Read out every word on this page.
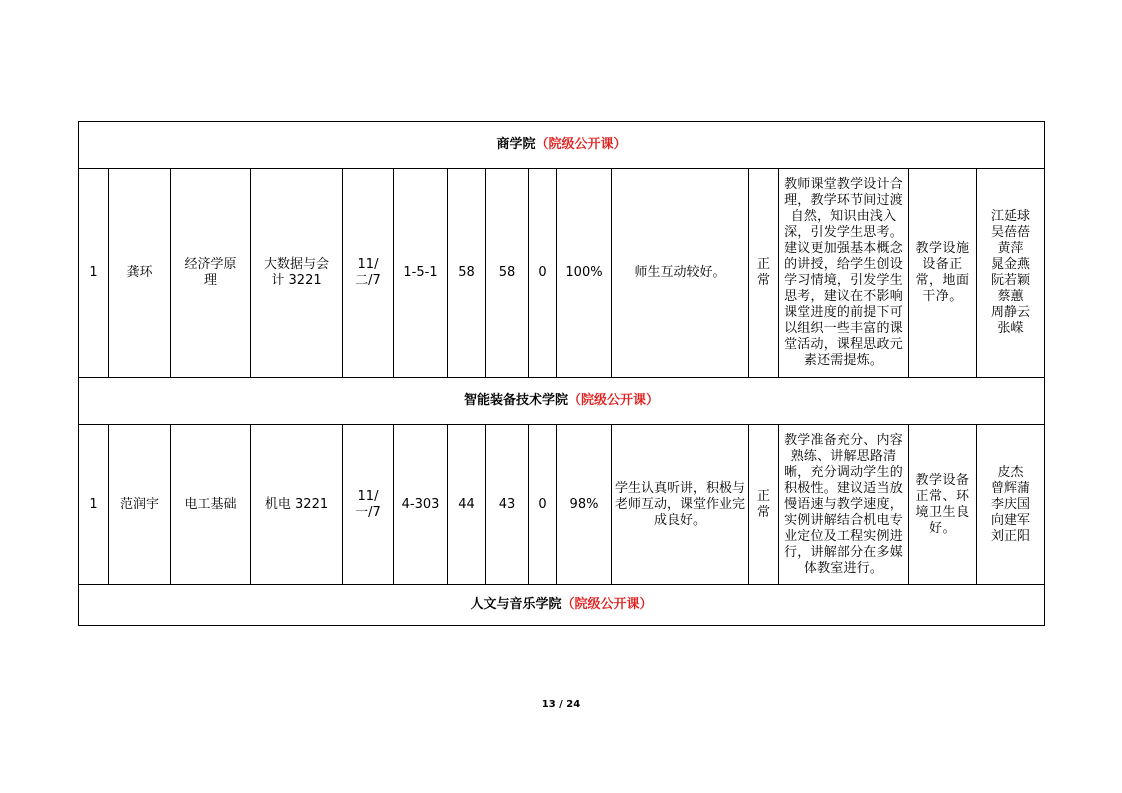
商学院（院级公开课）														
1	龚环	经济学原理	大数据与会计 3221	11/二/7	1-5-1	58	58	0	100%	师生互动较好。	正常	教师课堂教学设计合理，教学环节间过渡自然，知识由浅入深，引发学生思考。建议更加强基本概念的讲授，给学生创设学习情境，引发学生思考，建议在不影响课堂进度的前提下可以组织一些丰富的课堂活动，课程思政元素还需提炼。	教学设施设备正常，地面干净。	江延球 吴蓓蓓 黄萍 晁金燕 阮若颖 蔡蕙 周静云 张嵘
智能装备技术学院（院级公开课）														
1	范润宇	电工基础	机电 3221	11/一/7	4-303	44	43	0	98%	学生认真听讲，积极与老师互动，课堂作业完成良好。	正常	教学准备充分、内容熟练、讲解思路清晰，充分调动学生的积极性。建议适当放慢语速与教学速度，实例讲解结合机电专业定位及工程实例进行，讲解部分在多媒体教室进行。	教学设备正常、环境卫生良好。	皮杰 曾辉蒲 李庆国 向建军 刘正阳
人文与音乐学院（院级公开课）														
13 / 24
